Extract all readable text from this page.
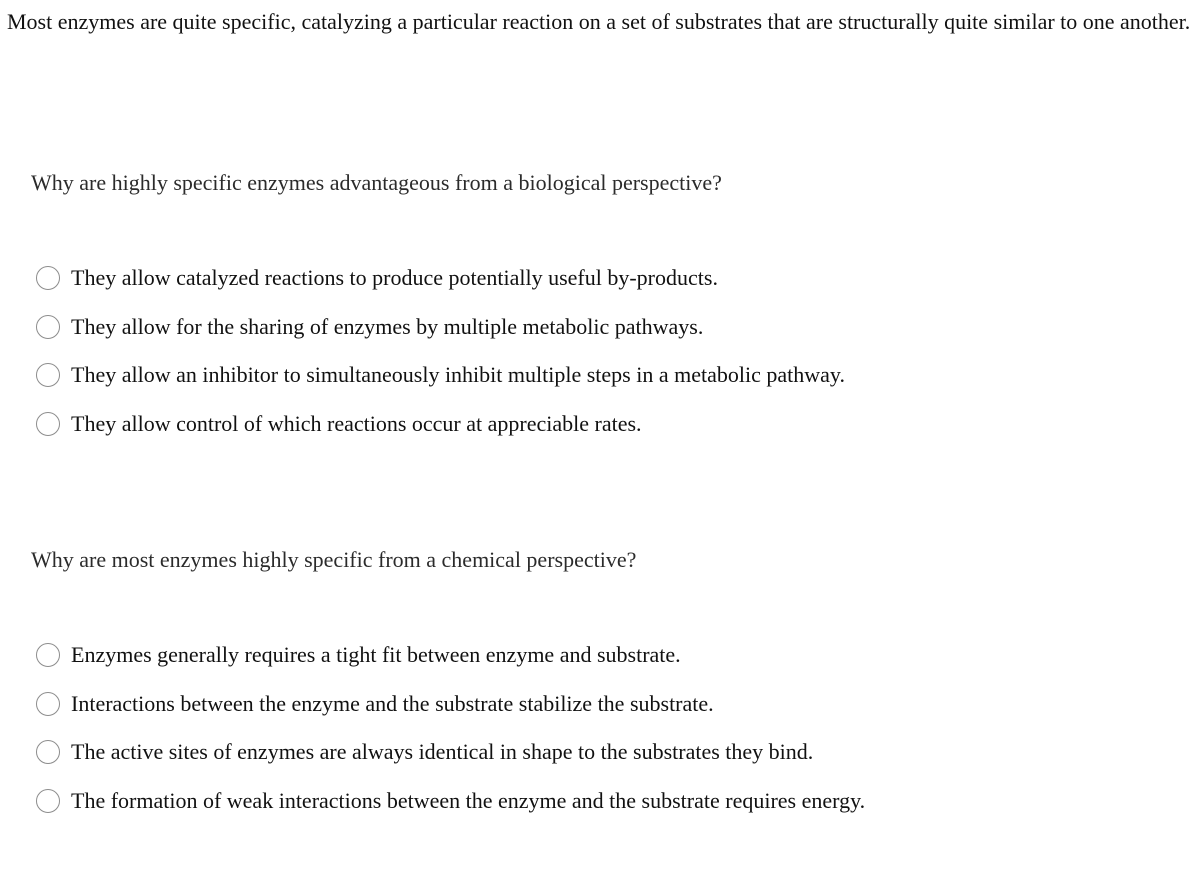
Most enzymes are quite specific, catalyzing a particular reaction on a set of substrates that are structurally quite similar to one another.

Why are highly specific enzymes advantageous from a biological perspective?

They allow catalyzed reactions to produce potentially useful by-products.
They allow for the sharing of enzymes by multiple metabolic pathways.
They allow an inhibitor to simultaneously inhibit multiple steps in a metabolic pathway.
They allow control of which reactions occur at appreciable rates.

Why are most enzymes highly specific from a chemical perspective?

Enzymes generally requires a tight fit between enzyme and substrate.
Interactions between the enzyme and the substrate stabilize the substrate.
The active sites of enzymes are always identical in shape to the substrates they bind.
The formation of weak interactions between the enzyme and the substrate requires energy.
